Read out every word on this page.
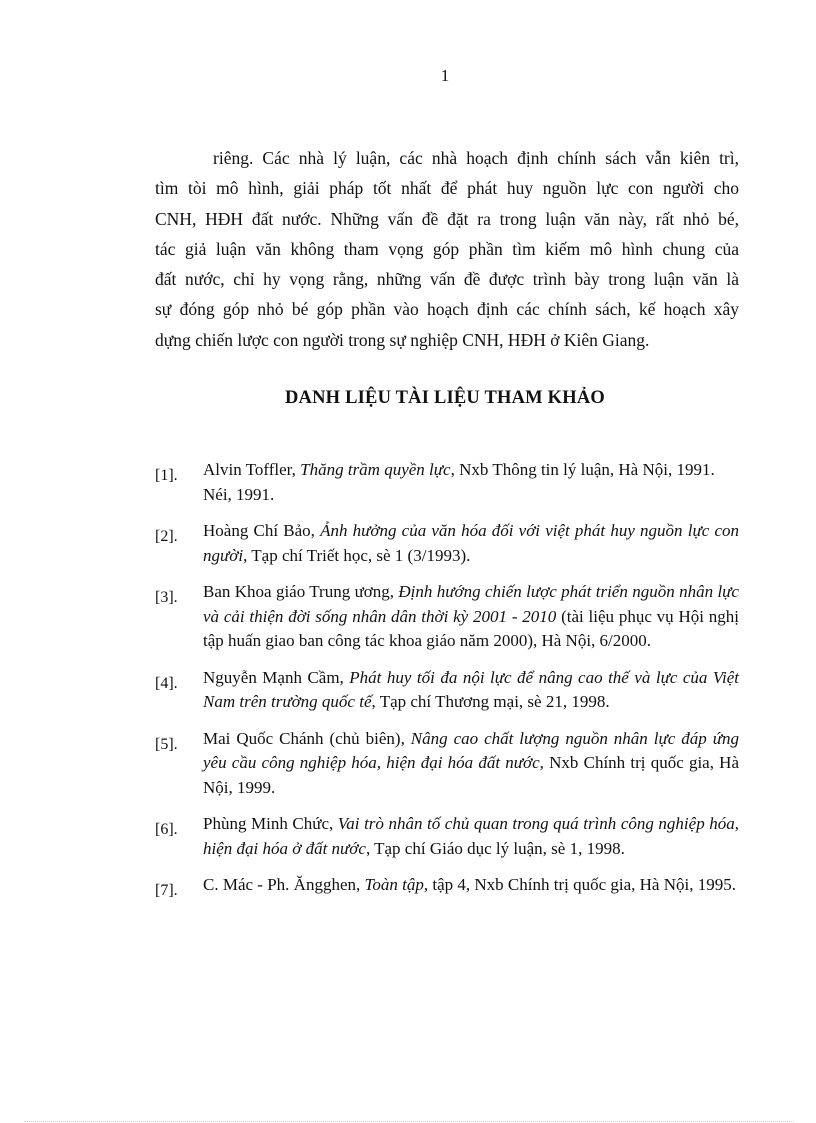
1
riêng. Các nhà lý luận, các nhà hoạch định chính sách vẫn kiên trì,
tìm tòi mô hình, giải pháp tốt nhất để phát huy nguồn lực con người cho
CNH, HĐH đất nước. Những vấn đề đặt ra trong luận văn này, rất nhỏ bé,
tác giả luận văn không tham vọng góp phần tìm kiếm mô hình chung của
đất nước, chỉ hy vọng rằng, những vấn đề được trình bày trong luận văn là
sự đóng góp nhỏ bé góp phần vào hoạch định các chính sách, kế hoạch xây
dựng chiến lược con người trong sự nghiệp CNH, HĐH ở Kiên Giang.
DANH LIỆU TÀI LIỆU THAM KHẢO
[1]. Alvin Toffler, Thăng trầm quyền lực, Nxb Thông tin lý luận, Hà Nội, 1991.
Néi, 1991.
[2]. Hoàng Chí Bảo, Ảnh hưởng của văn hóa đối với việt phát huy nguồn lực con người, Tạp chí Triết học, sè 1 (3/1993).
[3]. Ban Khoa giáo Trung ương, Định hướng chiến lược phát triển nguồn nhân lực và cải thiện đời sống nhân dân thời kỳ 2001 - 2010 (tài liệu phục vụ Hội nghị tập huấn giao ban công tác khoa giáo năm 2000), Hà Nội, 6/2000.
[4]. Nguyễn Mạnh Cầm, Phát huy tối đa nội lực để nâng cao thế và lực của Việt Nam trên trường quốc tế, Tạp chí Thương mại, sè 21, 1998.
[5]. Mai Quốc Chánh (chủ biên), Nâng cao chất lượng nguồn nhân lực đáp ứng yêu cầu công nghiệp hóa, hiện đại hóa đất nước, Nxb Chính trị quốc gia, Hà Nội, 1999.
[6]. Phùng Minh Chức, Vai trò nhân tố chủ quan trong quá trình công nghiệp hóa, hiện đại hóa ở đất nước, Tạp chí Giáo dục lý luận, sè 1, 1998.
[7]. C. Mác - Ph. Ăngghen, Toàn tập, tập 4, Nxb Chính trị quốc gia, Hà Nội, 1995.
